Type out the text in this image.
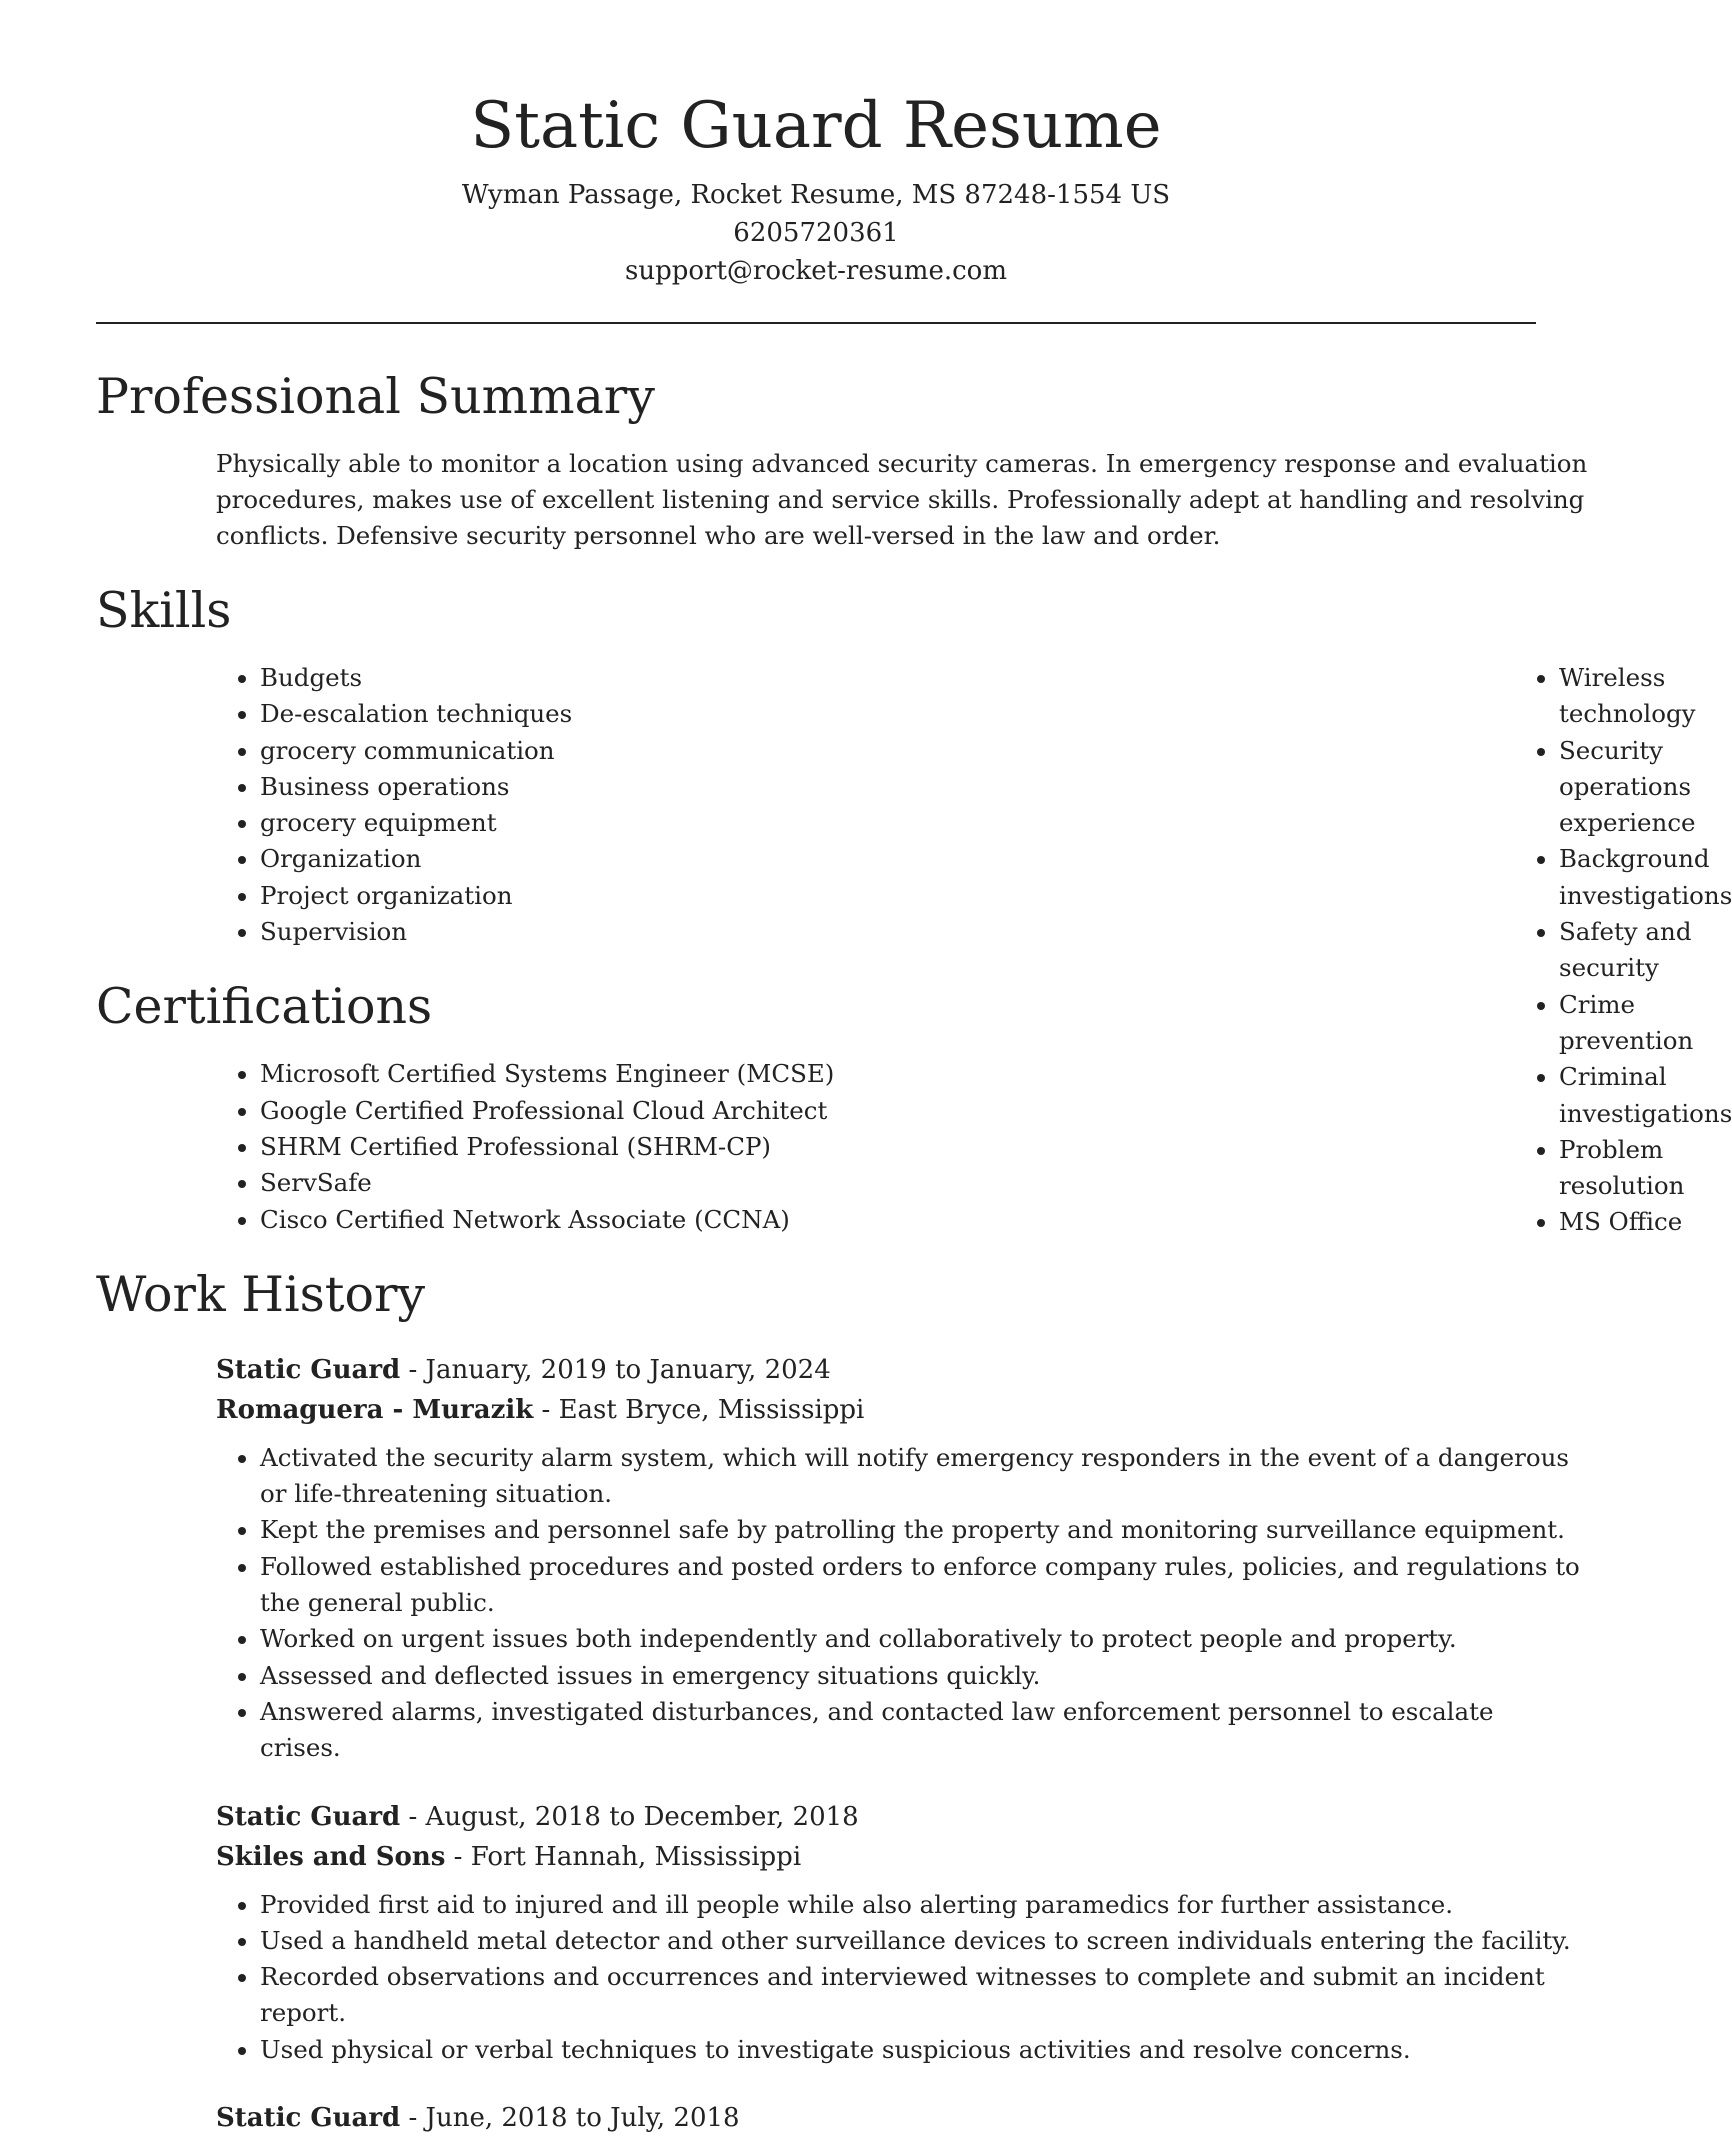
Static Guard Resume

Wyman Passage, Rocket Resume, MS 87248-1554 US

6205720361

support@rocket-resume.com

Professional Summary

Physically able to monitor a location using advanced security cameras. In emergency response and evaluation procedures, makes use of excellent listening and service skills. Professionally adept at handling and resolving conflicts. Defensive security personnel who are well-versed in the law and order.

Skills
• Budgets
• De-escalation techniques
• grocery communication
• Business operations
• grocery equipment
• Organization
• Project organization
• Supervision
• Wireless technology
• Security operations experience
• Background investigations
• Safety and security
• Crime prevention
• Criminal investigations
• Problem resolution
• MS Office
Certifications
• Microsoft Certified Systems Engineer (MCSE)
• Google Certified Professional Cloud Architect
• SHRM Certified Professional (SHRM-CP)
• ServSafe
• Cisco Certified Network Associate (CCNA)
Work History

Static Guard - January, 2019 to January, 2024

Romaguera - Murazik - East Bryce, Mississippi

• Activated the security alarm system, which will notify emergency responders in the event of a dangerous or life-threatening situation.
• Kept the premises and personnel safe by patrolling the property and monitoring surveillance equipment.
• Followed established procedures and posted orders to enforce company rules, policies, and regulations to the general public.
• Worked on urgent issues both independently and collaboratively to protect people and property.
• Assessed and deflected issues in emergency situations quickly.
• Answered alarms, investigated disturbances, and contacted law enforcement personnel to escalate crises.

Static Guard - August, 2018 to December, 2018

Skiles and Sons - Fort Hannah, Mississippi

• Provided first aid to injured and ill people while also alerting paramedics for further assistance.
• Used a handheld metal detector and other surveillance devices to screen individuals entering the facility.
• Recorded observations and occurrences and interviewed witnesses to complete and submit an incident report.
• Used physical or verbal techniques to investigate suspicious activities and resolve concerns.

Static Guard - June, 2018 to July, 2018
